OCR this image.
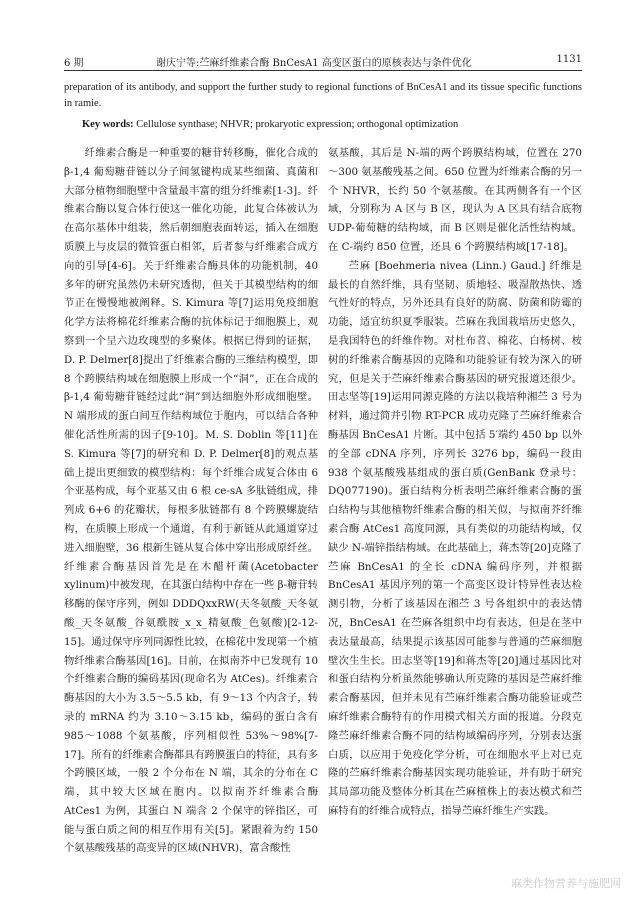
6 期	谢庆宁等:苎麻纤维素合酶 BnCesA1 高变区蛋白的原核表达与条件优化	1131
preparation of its antibody, and support the further study to regional functions of BnCesA1 and its tissue specific functions in ramie.
Key words: Cellulose synthase; NHVR; prokaryotic expression; orthogonal optimization

纤维素合酶是一种重要的糖苷转移酶，催化合成的 β-1,4 葡萄糖苷链以分子间氢键构成某些细菌、真菌和大部分植物细胞壁中含量最丰富的组分纤维素[1-3]。纤维素合酶以复合体行使这一催化功能，此复合体被认为在高尔基体中组装，然后朝细胞表面转运，插入在细胞质膜上与皮层的微管蛋白相邻，后者参与纤维素合成方向的引导[4-6]。关于纤维素合酶具体的功能机制，40 多年的研究虽然仍未研究透彻，但关于其模型结构的细节正在慢慢地被阐释。S. Kimura 等[7]运用免疫细胞化学方法将棉花纤维素合酶的抗体标记于细胞膜上，观察到一个呈六边玫瑰型的多聚体。根据已得到的证据，D. P. Delmer[8]提出了纤维素合酶的三维结构模型，即 8 个跨膜结构域在细胞膜上形成一个“洞”，正在合成的 β-1,4 葡萄糖苷链经过此“洞”到达细胞外形成细胞壁。N 端形成的蛋白间互作结构域位于胞内，可以结合各种催化活性所需的因子[9-10]。M. S. Doblin 等[11]在 S. Kimura 等[7]的研究和 D. P. Delmer[8]的观点基础上提出更细致的模型结构：每个纤维合成复合体由 6 个亚基构成，每个亚基又由 6 根 ce-sA 多肽链组成，排列成 6+6 的花瓣状，每根多肽链都有 8 个跨膜螺旋结构，在质膜上形成一个通道，有利于新链从此通道穿过进入细胞壁，36 根新生链从复合体中穿出形成原纤丝。纤维素合酶基因首先是在木醋杆菌(Acetobacter xylinum)中被发现，在其蛋白结构中存在一些 β-糖苷转移酶的保守序列，例如 DDDQxxRW(天冬氨酸_天冬氨酸_天冬氨酸_谷氨酰胺_x_x_精氨酸_色氨酸)[2-12-15]。通过保守序列同源性比较，在棉花中发现第一个植物纤维素合酶基因[16]。目前，在拟南芥中已发现有 10 个纤维素合酶的编码基因(现命名为 AtCes)。纤维素合酶基因的大小为 3.5～5.5 kb，有 9～13 个内含子，转录的 mRNA 约为 3.10～3.15 kb，编码的蛋白含有 985～1088 个氨基酸，序列相似性 53%～98%[7-17]。所有的纤维素合酶都具有跨膜蛋白的特征，具有多个跨膜区域，一般 2 个分布在 N 端，其余的分布在 C 端，其中较大区域在胞内。以拟南芥纤维素合酶 AtCes1 为例，其蛋白 N 端含 2 个保守的锌指区，可能与蛋白质之间的相互作用有关[5]。紧跟着为约 150 个氨基酸残基的高变异的区域(NHVR)，富含酸性

氨基酸，其后是 N-端的两个跨膜结构域，位置在 270～300 氨基酸残基之间。650 位置为纤维素合酶的另一个 NHVR，长约 50 个氨基酸。在其两侧各有一个区域，分别称为 A 区与 B 区，现认为 A 区具有结合底物 UDP-葡萄糖的结构域，而 B 区则是催化活性结构域。在 C-端约 850 位置，还具 6 个跨膜结构域[17-18]。

苎麻 [Boehmeria nivea (Linn.) Gaud.] 纤维是最长的自然纤维，具有坚韧、质地轻、吸湿散热快、透气性好的特点，另外还具有良好的防腐、防菌和防霉的功能，适宜纺织夏季服装。苎麻在我国栽培历史悠久，是我国特色的纤维作物。对杜布苕、棉花、白杨树、桉树的纤维素合酶基因的克隆和功能验证有较为深入的研究，但是关于苎麻纤维素合酶基因的研究报道还很少。田志坚等[19]运用同源克隆的方法以栽培种湘苎 3 号为材料，通过简并引物 RT-PCR 成功克隆了苎麻纤维素合酶基因 BnCesA1 片断。其中包括 5′端约 450 bp 以外的全部 cDNA 序列，序列长 3276 bp，编码一段由 938 个氨基酸残基组成的蛋白质(GenBank 登录号：DQ077190)。蛋白结构分析表明苎麻纤维素合酶的蛋白结构与其他植物纤维素合酶的相关似，与拟南芥纤维素合酶 AtCes1 高度同源，具有类似的功能结构域，仅缺少 N-端锌指结构域。在此基础上，蒋杰等[20]克隆了苎麻 BnCesA1 的全长 cDNA 编码序列，并根据 BnCesA1 基因序列的第一个高变区设计特异性表达检测引物，分析了该基因在湘苎 3 号各组织中的表达情况，BnCesA1 在苎麻各组织中均有表达，但是在茎中表达量最高，结果提示该基因可能参与普通的苎麻细胞壁次生生长。田志坚等[19]和蒋杰等[20]通过基因比对和蛋白结构分析虽然能够确认所克隆的基因是苎麻纤维素合酶基因，但并未见有苎麻纤维素合酶功能验证或苎麻纤维素合酶特有的作用模式相关方面的报道。分段克隆苎麻纤维素合酶不同的结构域编码序列，分别表达蛋白质，以应用于免疫化学分析，可在细胞水平上对已克隆的苎麻纤维素合酶基因实现功能验证，并有助于研究其局部功能及整体分析其在苎麻植株上的表达模式和苎麻特有的纤维合成特点，指导苎麻纤维生产实践。

麻类作物营养与施肥网
